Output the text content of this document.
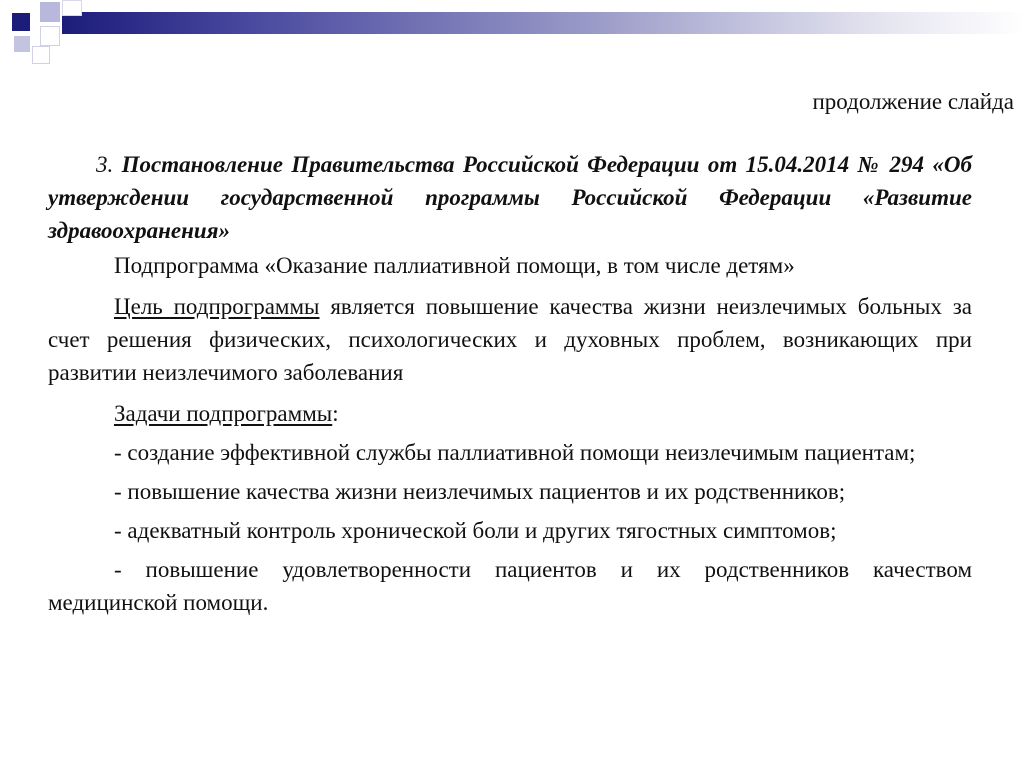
продолжение слайда

3. Постановление Правительства Российской Федерации от 15.04.2014 № 294 «Об утверждении государственной программы Российской Федерации «Развитие здравоохранения»

Подпрограмма «Оказание паллиативной помощи, в том числе детям»

Цель подпрограммы является повышение качества жизни неизлечимых больных за счет решения физических, психологических и духовных проблем, возникающих при развитии неизлечимого заболевания

Задачи подпрограммы:

- создание эффективной службы паллиативной помощи неизлечимым пациентам;

- повышение качества жизни неизлечимых пациентов и их родственников;

- адекватный контроль хронической боли и других тягостных симптомов;

- повышение удовлетворенности пациентов и их родственников качеством медицинской помощи.
